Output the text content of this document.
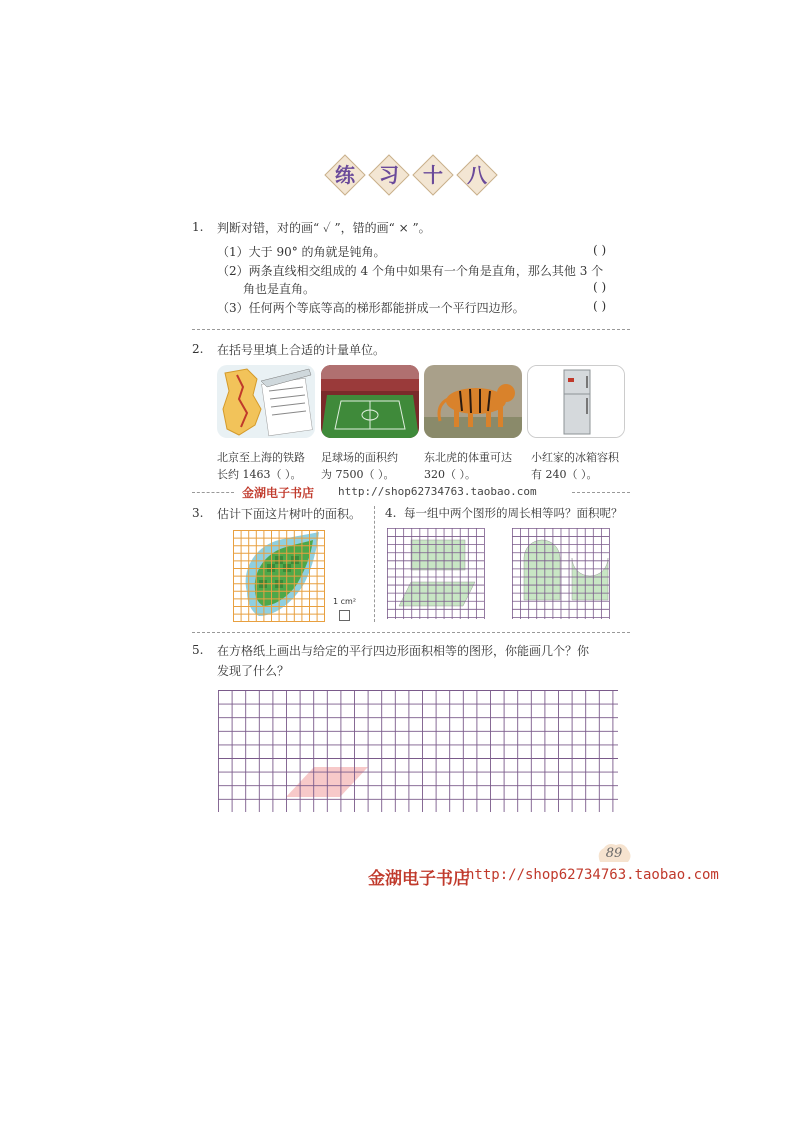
练	习	十	八
1. 判断对错，对的画“ ✓ ”，错的画“ × ”。
（1）大于 90° 的角就是钝角。	( )
（2）两条直线相交组成的 4 个角中如果有一个角是直角，那么其他 3 个
角也是直角。	( )
（3）任何两个等底等高的梯形都能拼成一个平行四边形。	( )
2. 在括号里填上合适的计量单位。
北京至上海的铁路
长约 1463（ ）。
足球场的面积约
为 7500（ ）。
东北虎的体重可达
320（ ）。
小红家的冰箱容积
有 240（ ）。
金湖电子书店 http://shop62734763.taobao.com
3. 估计下面这片树叶的面积。
1 cm²
4. 每一组中两个图形的周长相等吗？面积呢？
5. 在方格纸上画出与给定的平行四边形面积相等的图形，你能画几个？你
发现了什么？
89
金湖电子书店
http://shop62734763.taobao.com
